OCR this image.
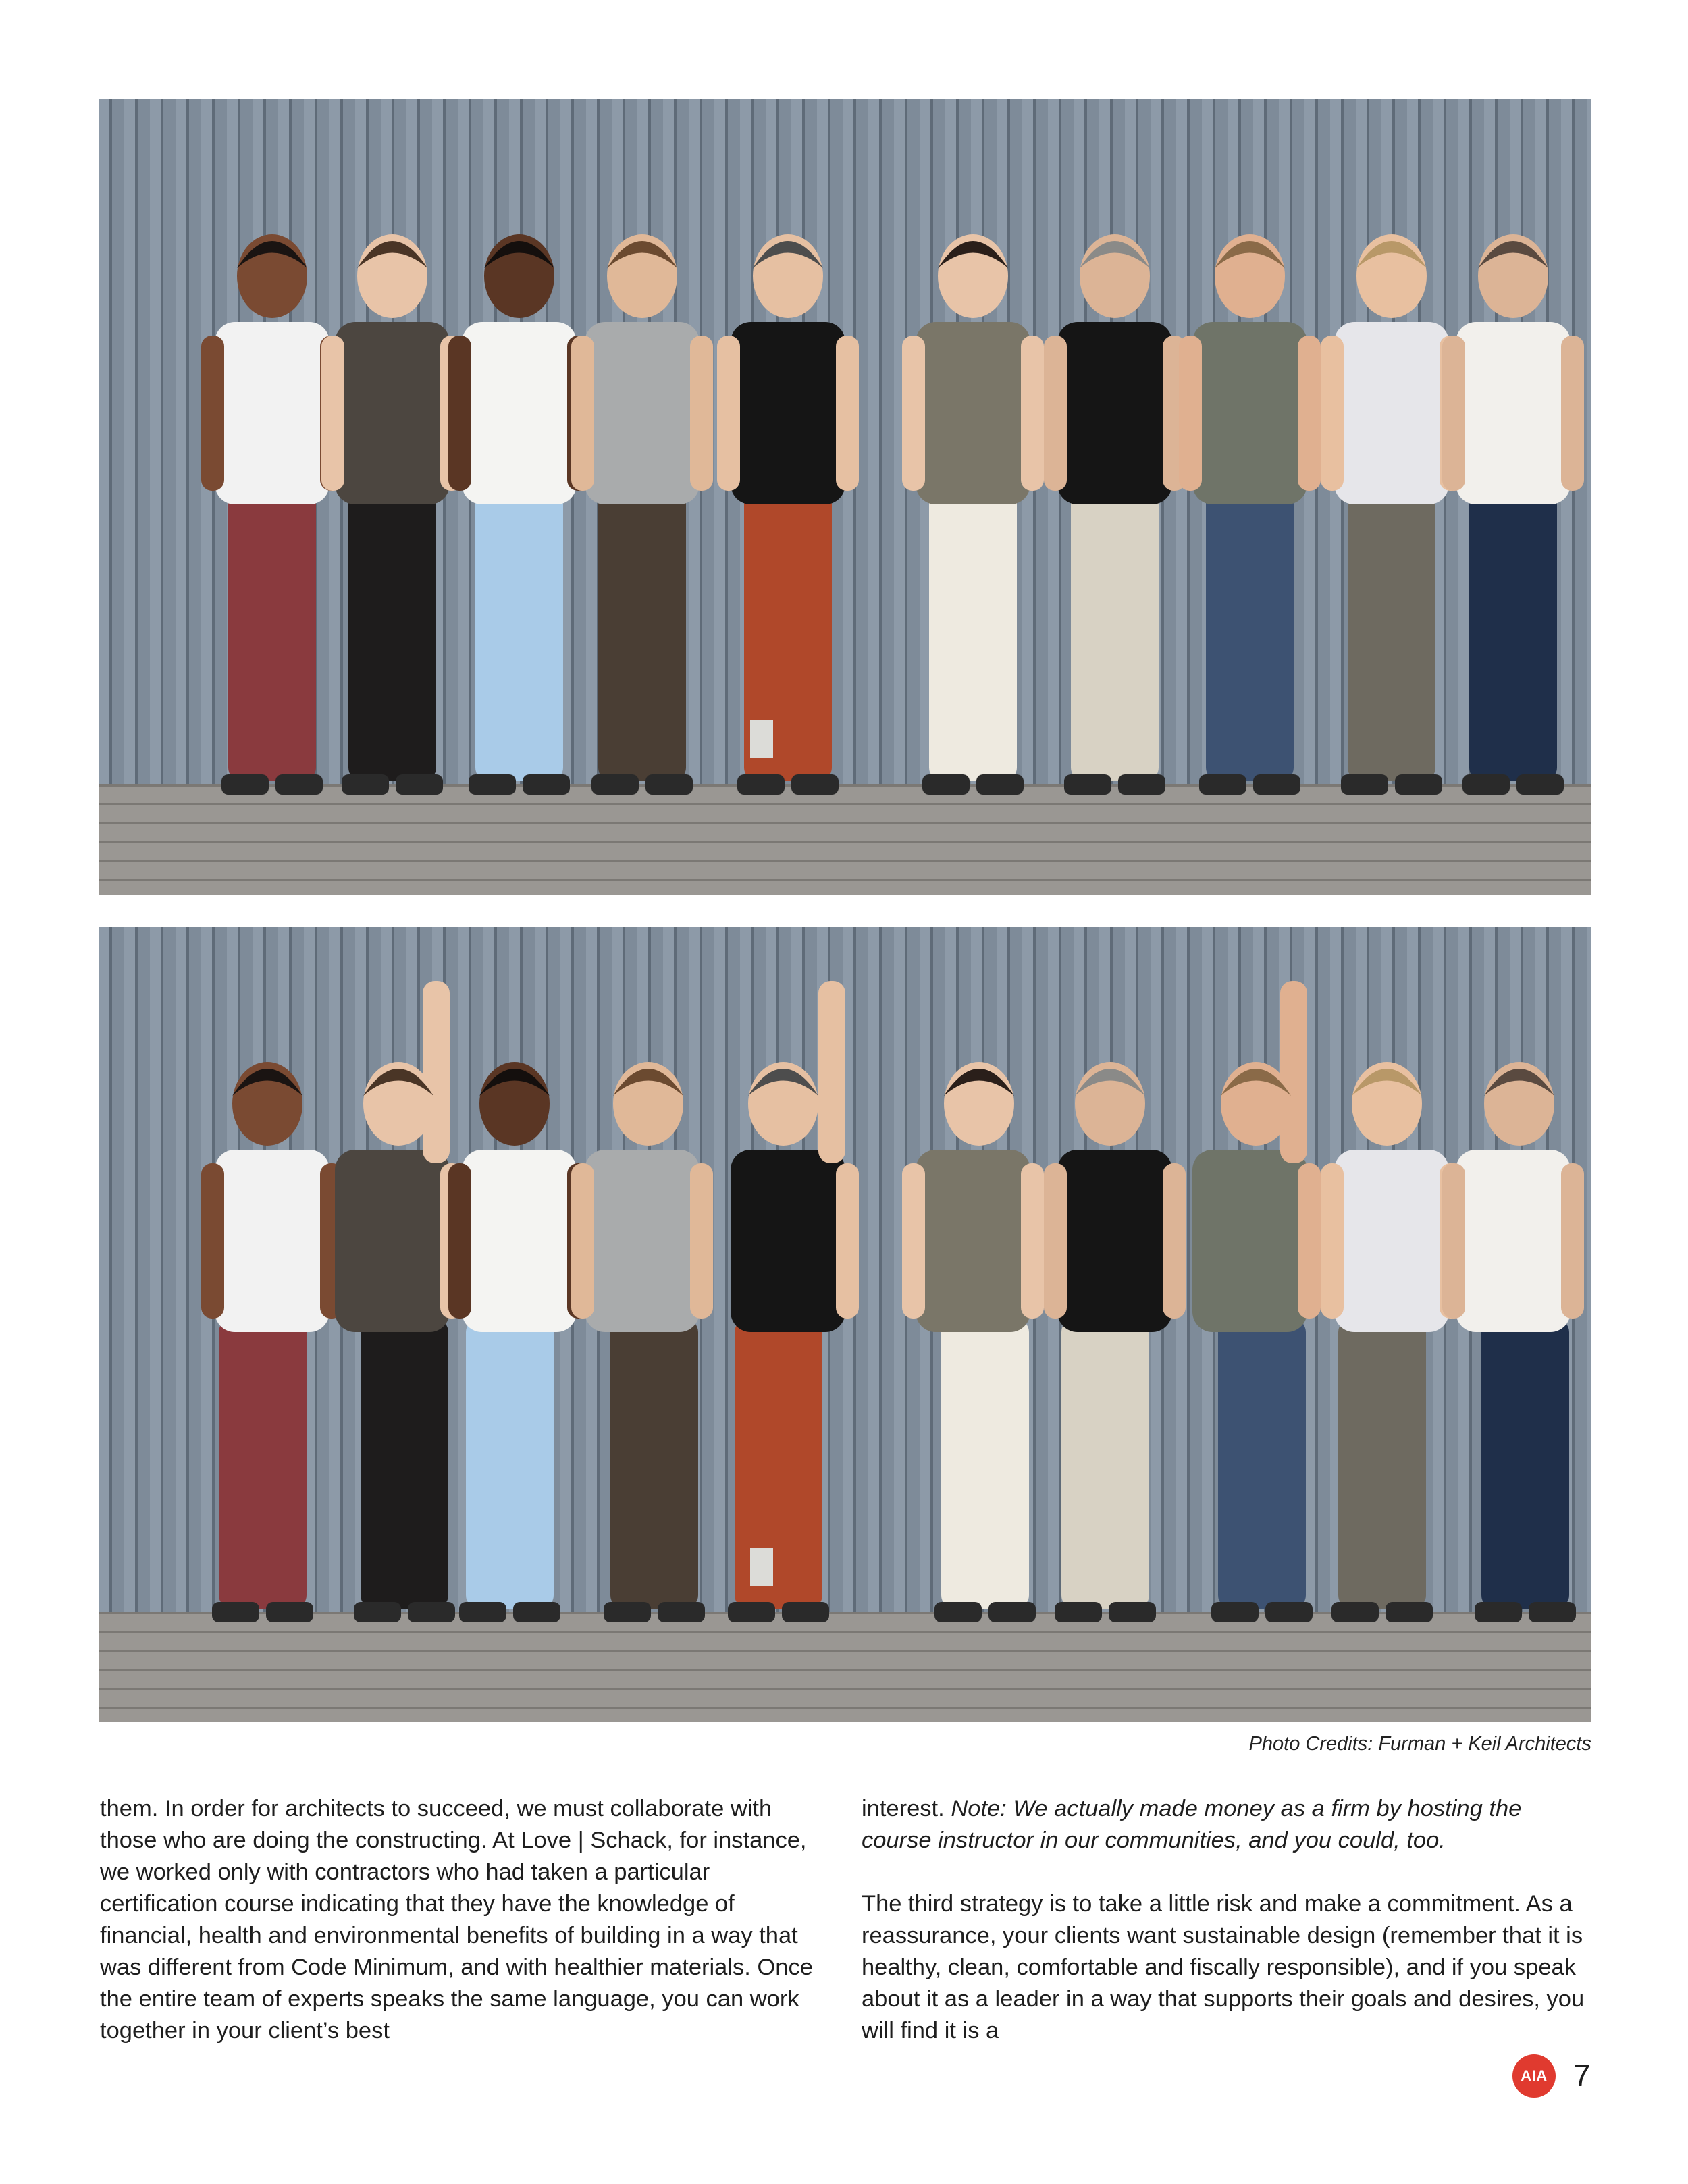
Photo Credits: Furman + Keil Architects

them. In order for architects to succeed, we must collaborate with those who are doing the constructing. At Love | Schack, for instance, we worked only with contractors who had taken a particular certification course indicating that they have the knowledge of financial, health and environmental benefits of building in a way that was different from Code Minimum, and with healthier materials. Once the entire team of experts speaks the same language, you can work together in your client’s best

interest. Note: We actually made money as a firm by hosting the course instructor in our communities, and you could, too.

The third strategy is to take a little risk and make a commitment. As a reassurance, your clients want sustainable design (remember that it is healthy, clean, comfortable and fiscally responsible), and if you speak about it as a leader in a way that supports their goals and desires, you will find it is a

AIA 7
